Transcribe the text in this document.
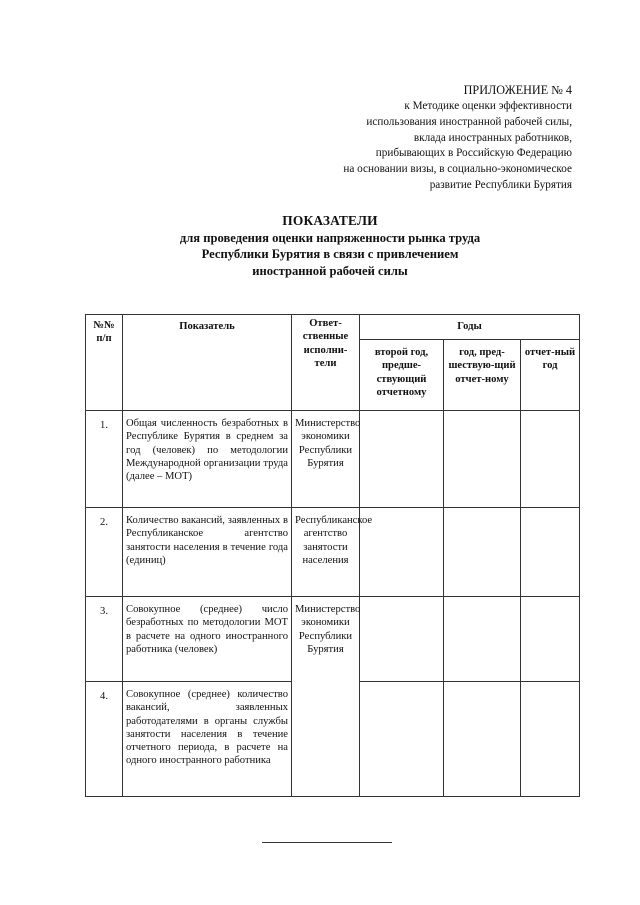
ПРИЛОЖЕНИЕ № 4
к Методике оценки эффективности
использования иностранной рабочей силы,
вклада иностранных работников,
прибывающих в Российскую Федерацию
на основании визы, в социально-экономическое
развитие Республики Бурятия
ПОКАЗАТЕЛИ
для проведения оценки напряженности рынка труда
Республики Бурятия в связи с привлечением
иностранной рабочей силы
№№ п/п	Показатель	Ответ-ственные исполни-тели	Годы		
			второй год, предше-ствующий отчетному	год, пред-шествую-щий отчет-ному	отчет-ный год
1.	Общая численность безработных в Республике Бурятия в среднем за год (человек) по методологии Международной организации труда (далее – МОТ)	Министерство экономики Республики Бурятия			
2.	Количество вакансий, заявленных в Республиканское агентство занятости населения в течение года (единиц)	Республиканское агентство занятости населения			
3.	Совокупное (среднее) число безработных по методологии МОТ в расчете на одного иностранного работника (человек)	Министерство экономики Республики Бурятия			
4.	Совокупное (среднее) количество вакансий, заявленных работодателями в органы службы занятости населения в течение отчетного периода, в расчете на одного иностранного работника				
